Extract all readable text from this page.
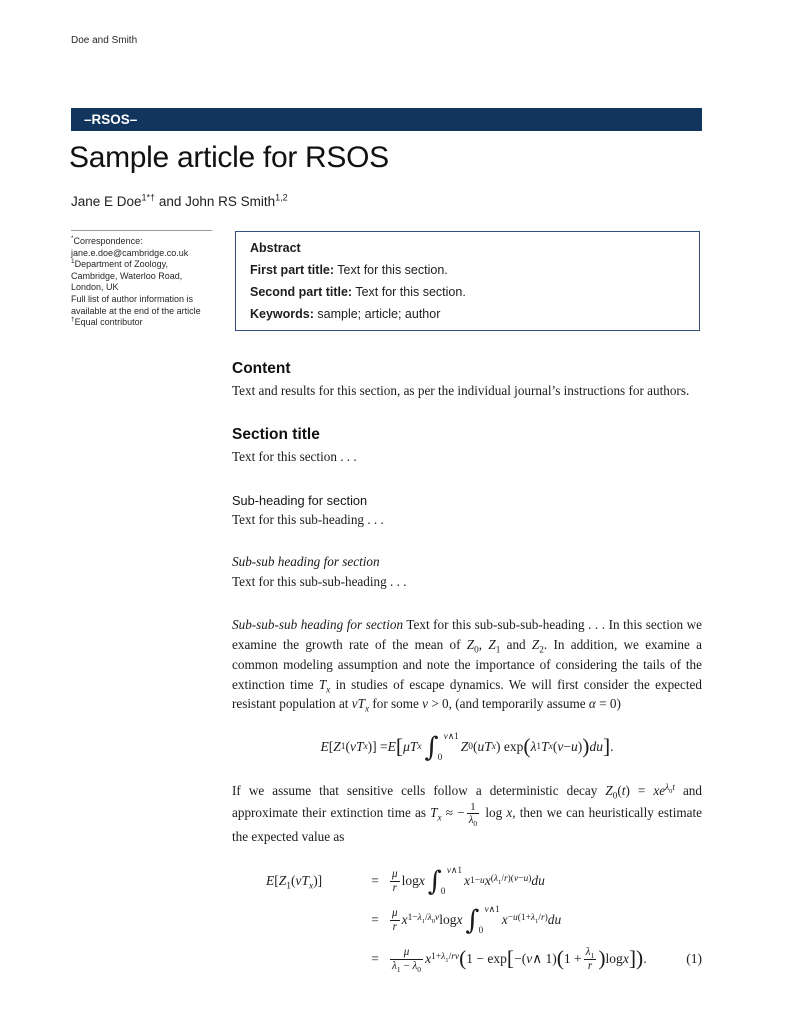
Doe and Smith
–RSOS–
Sample article for RSOS
Jane E Doe$^{1*\dagger}$ and John RS Smith$^{1,2}$
*Correspondence:
jane.e.doe@cambridge.co.uk
$^1$Department of Zoology,
Cambridge, Waterloo Road,
London, UK
Full list of author information is
available at the end of the article
†Equal contributor
Abstract
First part title: Text for this section.
Second part title: Text for this section.
Keywords: sample; article; author
Content

Text and results for this section, as per the individual journal’s instructions for authors.

Section title

Text for this section . . .

Sub-heading for section

Text for this sub-heading . . .

Sub-sub heading for section

Text for this sub-sub-heading . . .

Sub-sub-sub heading for section Text for this sub-sub-sub-heading . . . In this section we examine the growth rate of the mean of $Z_0$, $Z_1$ and $Z_2$. In addition, we examine a common modeling assumption and note the importance of considering the tails of the extinction time $T_x$ in studies of escape dynamics. We will first consider the expected resistant population at $vT_x$ for some v > 0, (and temporarily assume α = 0)

E [ Z 1 ( vT x )] = E [ μT x ∫ v∧1
0
Z 0 ( uT x ) exp ( λ 1 T x ( v − u ) ) du ] .

If we assume that sensitive cells follow a deterministic decay $Z_0(t) = xe^{\lambda_0t}$ and approximate their extinction time as $T_x$ ≈ − $\frac{1}{\lambda_0}$ log x, then we can heuristically estimate the expected value as

$E[Z_1(vT_x)]$	=	$\frac{\mu}{r}$ log x ∫ v∧1
0
x 1−u x $(\lambda_1/r)(v-u)$ du
=	$\frac{\mu}{r}$ x $1-\lambda_1/\lambda_0v$ log x ∫ v∧1
0
$x -u(1+\lambda_1/r)$ du
=	$\frac{\mu}{\lambda_1 - \lambda_0}$ x $1+\lambda_1/rv$ ( 1 − exp [ −( v ∧ 1) ( $1 + \frac{\lambda_1}{r}$ ) log x ] ) .	(1)
